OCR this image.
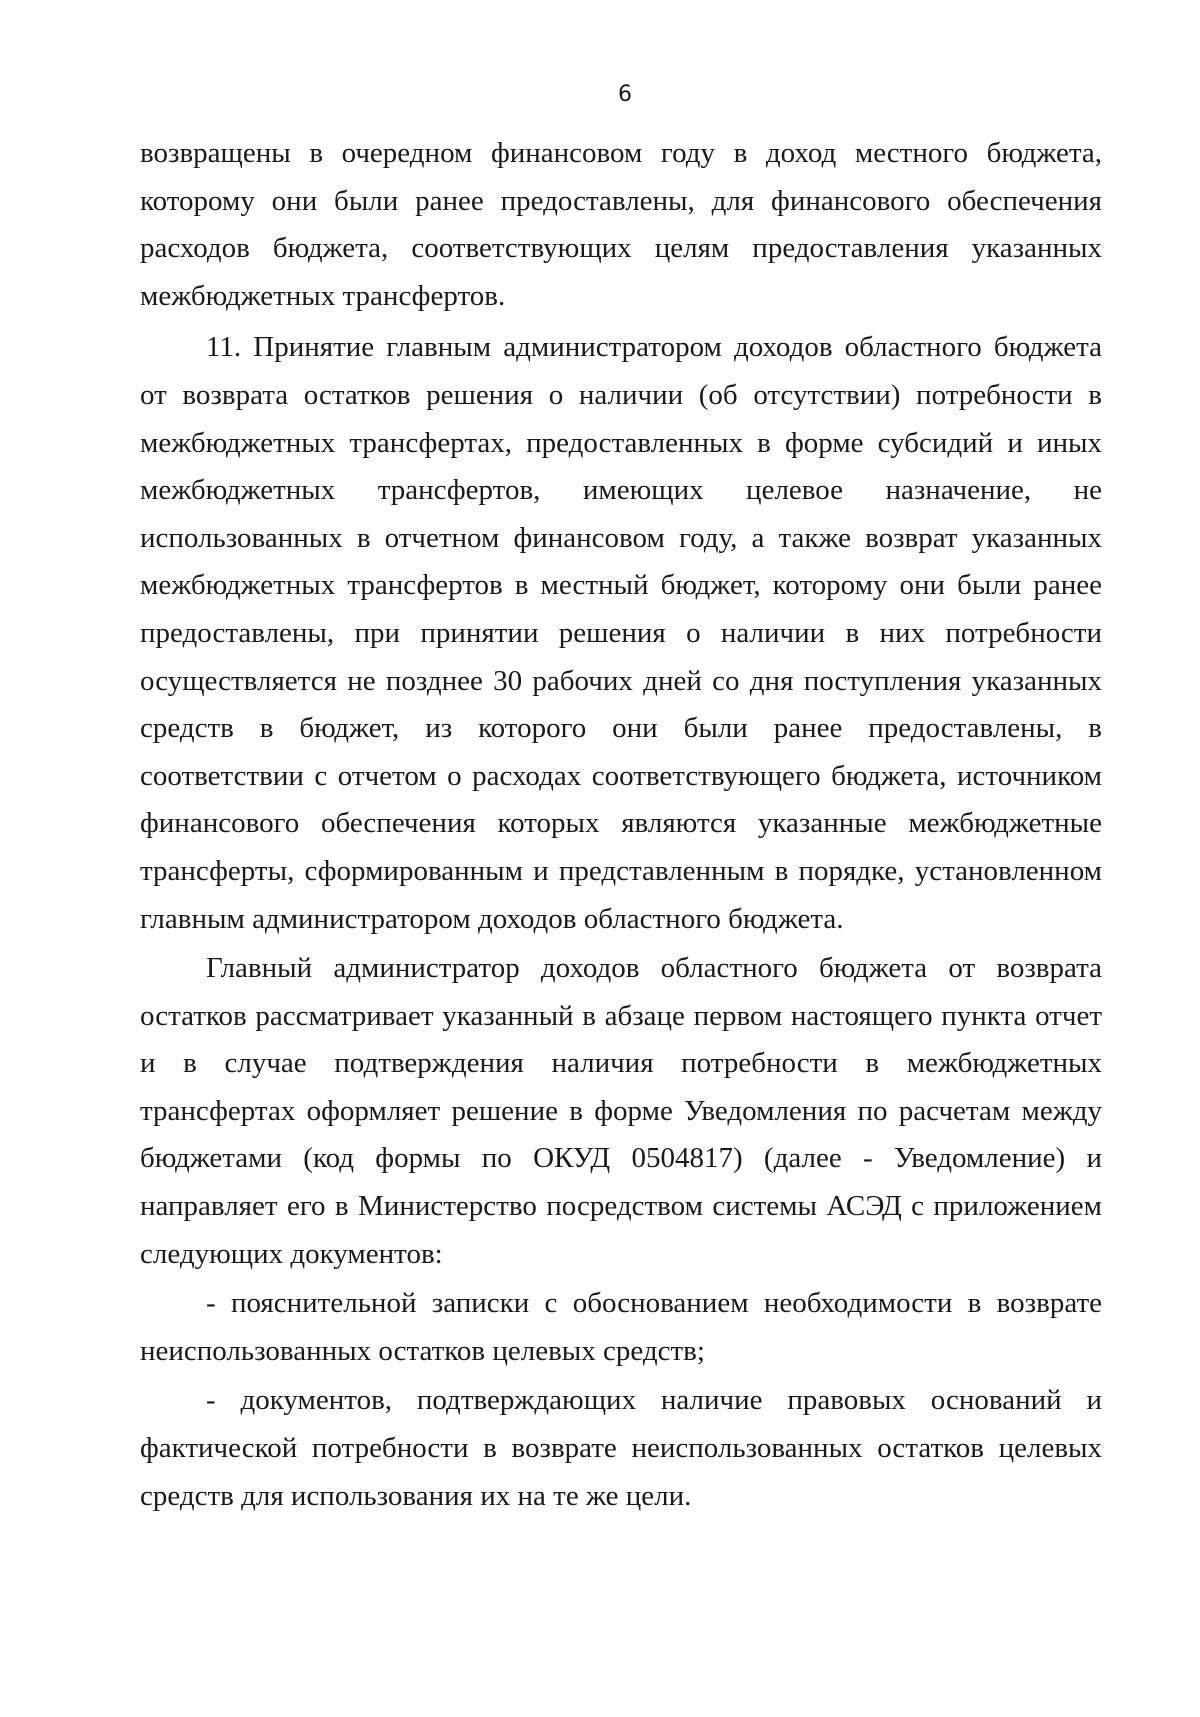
6

возвращены в очередном финансовом году в доход местного бюджета, которому они были ранее предоставлены, для финансового обеспечения расходов бюджета, соответствующих целям предоставления указанных межбюджетных трансфертов.

11. Принятие главным администратором доходов областного бюджета от возврата остатков решения о наличии (об отсутствии) потребности в межбюджетных трансфертах, предоставленных в форме субсидий и иных межбюджетных трансфертов, имеющих целевое назначение, не использованных в отчетном финансовом году, а также возврат указанных межбюджетных трансфертов в местный бюджет, которому они были ранее предоставлены, при принятии решения о наличии в них потребности осуществляется не позднее 30 рабочих дней со дня поступления указанных средств в бюджет, из которого они были ранее предоставлены, в соответствии с отчетом о расходах соответствующего бюджета, источником финансового обеспечения которых являются указанные межбюджетные трансферты, сформированным и представленным в порядке, установленном главным администратором доходов областного бюджета.

Главный администратор доходов областного бюджета от возврата остатков рассматривает указанный в абзаце первом настоящего пункта отчет и в случае подтверждения наличия потребности в межбюджетных трансфертах оформляет решение в форме Уведомления по расчетам между бюджетами (код формы по ОКУД 0504817) (далее - Уведомление) и направляет его в Министерство посредством системы АСЭД с приложением следующих документов:

- пояснительной записки с обоснованием необходимости в возврате неиспользованных остатков целевых средств;

- документов, подтверждающих наличие правовых оснований и фактической потребности в возврате неиспользованных остатков целевых средств для использования их на те же цели.
